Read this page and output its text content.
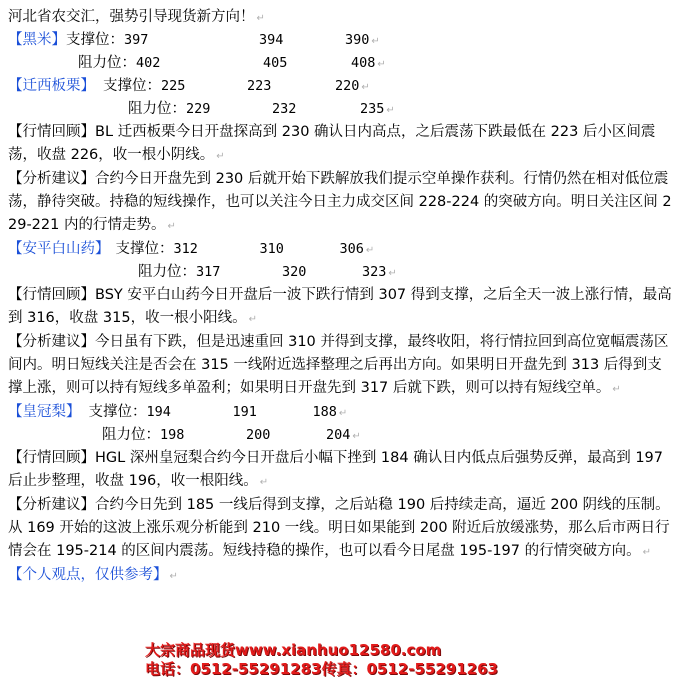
河北省农交汇，强势引导现货新方向！ ↵
【黑米】支撑位：397	394	390 ↵
阻力位：402	405	408 ↵
【迁西板栗】 支撑位：225	223	220 ↵
阻力位：229	232	235 ↵
【行情回顾】BL 迁西板栗今日开盘探高到 230 确认日内高点，之后震荡下跌最低在 223 后小区间震荡，收盘 226，收一根小阴线。 ↵
【分析建议】合约今日开盘先到 230 后就开始下跌解放我们提示空单操作获利。行情仍然在相对低位震荡，静待突破。持稳的短线操作，也可以关注今日主力成交区间 228-224 的突破方向。明日关注区间 229-221 内的行情走势。 ↵
【安平白山药】 支撑位：312	310	306 ↵
阻力位：317	320	323 ↵
【行情回顾】BSY 安平白山药今日开盘后一波下跌行情到 307 得到支撑，之后全天一波上涨行情，最高到 316，收盘 315，收一根小阳线。 ↵
【分析建议】今日虽有下跌，但是迅速重回 310 并得到支撑，最终收阳，将行情拉回到高位宽幅震荡区间内。明日短线关注是否会在 315 一线附近选择整理之后再出方向。如果明日开盘先到 313 后得到支撑上涨，则可以持有短线多单盈利；如果明日开盘先到 317 后就下跌，则可以持有短线空单。 ↵
【皇冠梨】 支撑位：194	191	188 ↵
阻力位：198	200	204 ↵
【行情回顾】HGL 深州皇冠梨合约今日开盘后小幅下挫到 184 确认日内低点后强势反弹，最高到 197 后止步整理，收盘 196，收一根阳线。 ↵
【分析建议】合约今日先到 185 一线后得到支撑，之后站稳 190 后持续走高，逼近 200 阴线的压制。从 169 开始的这波上涨乐观分析能到 210 一线。明日如果能到 200 附近后放缓涨势，那么后市两日行情会在 195-214 的区间内震荡。短线持稳的操作，也可以看今日尾盘 195-197 的行情突破方向。 ↵
【个人观点，仅供参考】 ↵
大宗商品现货www.xianhuo12580.com
电话：0512-55291283传真：0512-55291263
